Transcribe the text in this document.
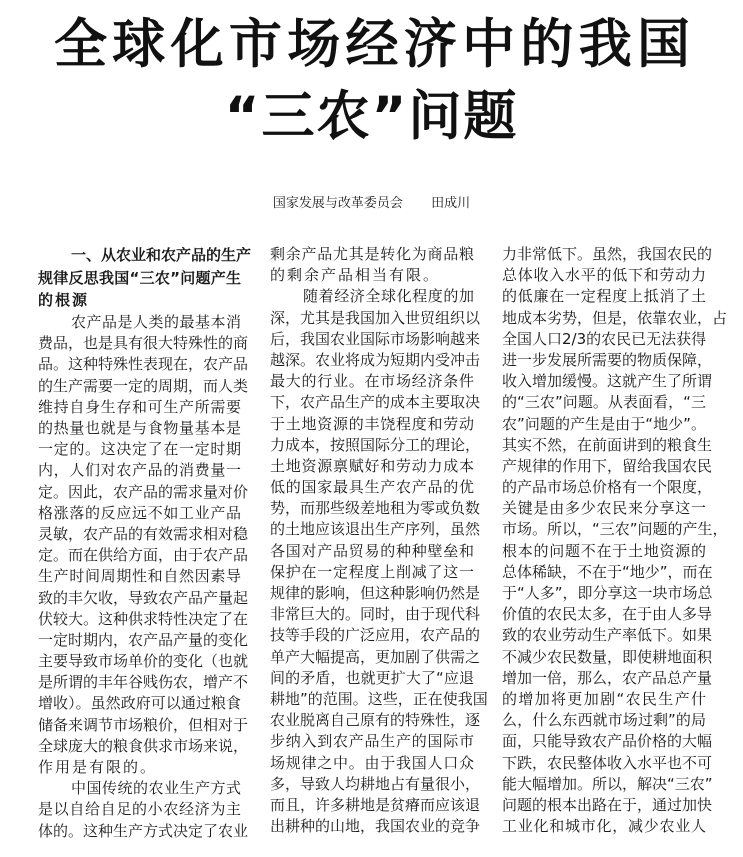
全球化市场经济中的我国
“三农”问题
国家发展与改革委员会 田成川
一、从农业和农产品的生产
规律反思我国“三农”问题产生
的根源
农产品是人类的最基本消
费品，也是具有很大特殊性的商
品。这种特殊性表现在，农产品
的生产需要一定的周期，而人类
维持自身生存和可生产所需要
的热量也就是与食物量基本是
一定的。这决定了在一定时期
内，人们对农产品的消费量一
定。因此，农产品的需求量对价
格涨落的反应远不如工业产品
灵敏，农产品的有效需求相对稳
定。而在供给方面，由于农产品
生产时间周期性和自然因素导
致的丰欠收，导致农产品产量起
伏较大。这种供求特性决定了在
一定时期内，农产品产量的变化
主要导致市场单价的变化（也就
是所谓的丰年谷贱伤农，增产不
增收）。虽然政府可以通过粮食
储备来调节市场粮价，但相对于
全球庞大的粮食供求市场来说，
作用是有限的。
中国传统的农业生产方式
是以自给自足的小农经济为主
体的。这种生产方式决定了农业
剩余产品尤其是转化为商品粮
的剩余产品相当有限。
随着经济全球化程度的加
深，尤其是我国加入世贸组织以
后，我国农业国际市场影响越来
越深。农业将成为短期内受冲击
最大的行业。在市场经济条件
下，农产品生产的成本主要取决
于土地资源的丰饶程度和劳动
力成本，按照国际分工的理论，
土地资源禀赋好和劳动力成本
低的国家最具生产农产品的优
势，而那些级差地租为零或负数
的土地应该退出生产序列，虽然
各国对产品贸易的种种壁垒和
保护在一定程度上削减了这一
规律的影响，但这种影响仍然是
非常巨大的。同时，由于现代科
技等手段的广泛应用，农产品的
单产大幅提高，更加剧了供需之
间的矛盾，也就更扩大了“应退
耕地”的范围。这些，正在使我国
农业脱离自己原有的特殊性，逐
步纳入到农产品生产的国际市
场规律之中。由于我国人口众
多，导致人均耕地占有量很小，
而且，许多耕地是贫瘠而应该退
出耕种的山地，我国农业的竞争
力非常低下。虽然，我国农民的
总体收入水平的低下和劳动力
的低廉在一定程度上抵消了土
地成本劣势，但是，依靠农业，占
全国人口2/3的农民已无法获得
进一步发展所需要的物质保障，
收入增加缓慢。这就产生了所谓
的“三农”问题。从表面看，“三
农”问题的产生是由于“地少”。
其实不然，在前面讲到的粮食生
产规律的作用下，留给我国农民
的产品市场总价格有一个限度，
关键是由多少农民来分享这一
市场。所以，“三农”问题的产生，
根本的问题不在于土地资源的
总体稀缺，不在于“地少”，而在
于“人多”，即分享这一块市场总
价值的农民太多，在于由人多导
致的农业劳动生产率低下。如果
不减少农民数量，即使耕地面积
增加一倍，那么，农产品总产量
的增加将更加剧“农民生产什
么，什么东西就市场过剩”的局
面，只能导致农产品价格的大幅
下跌，农民整体收入水平也不可
能大幅增加。所以，解决“三农”
问题的根本出路在于，通过加快
工业化和城市化，减少农业人
